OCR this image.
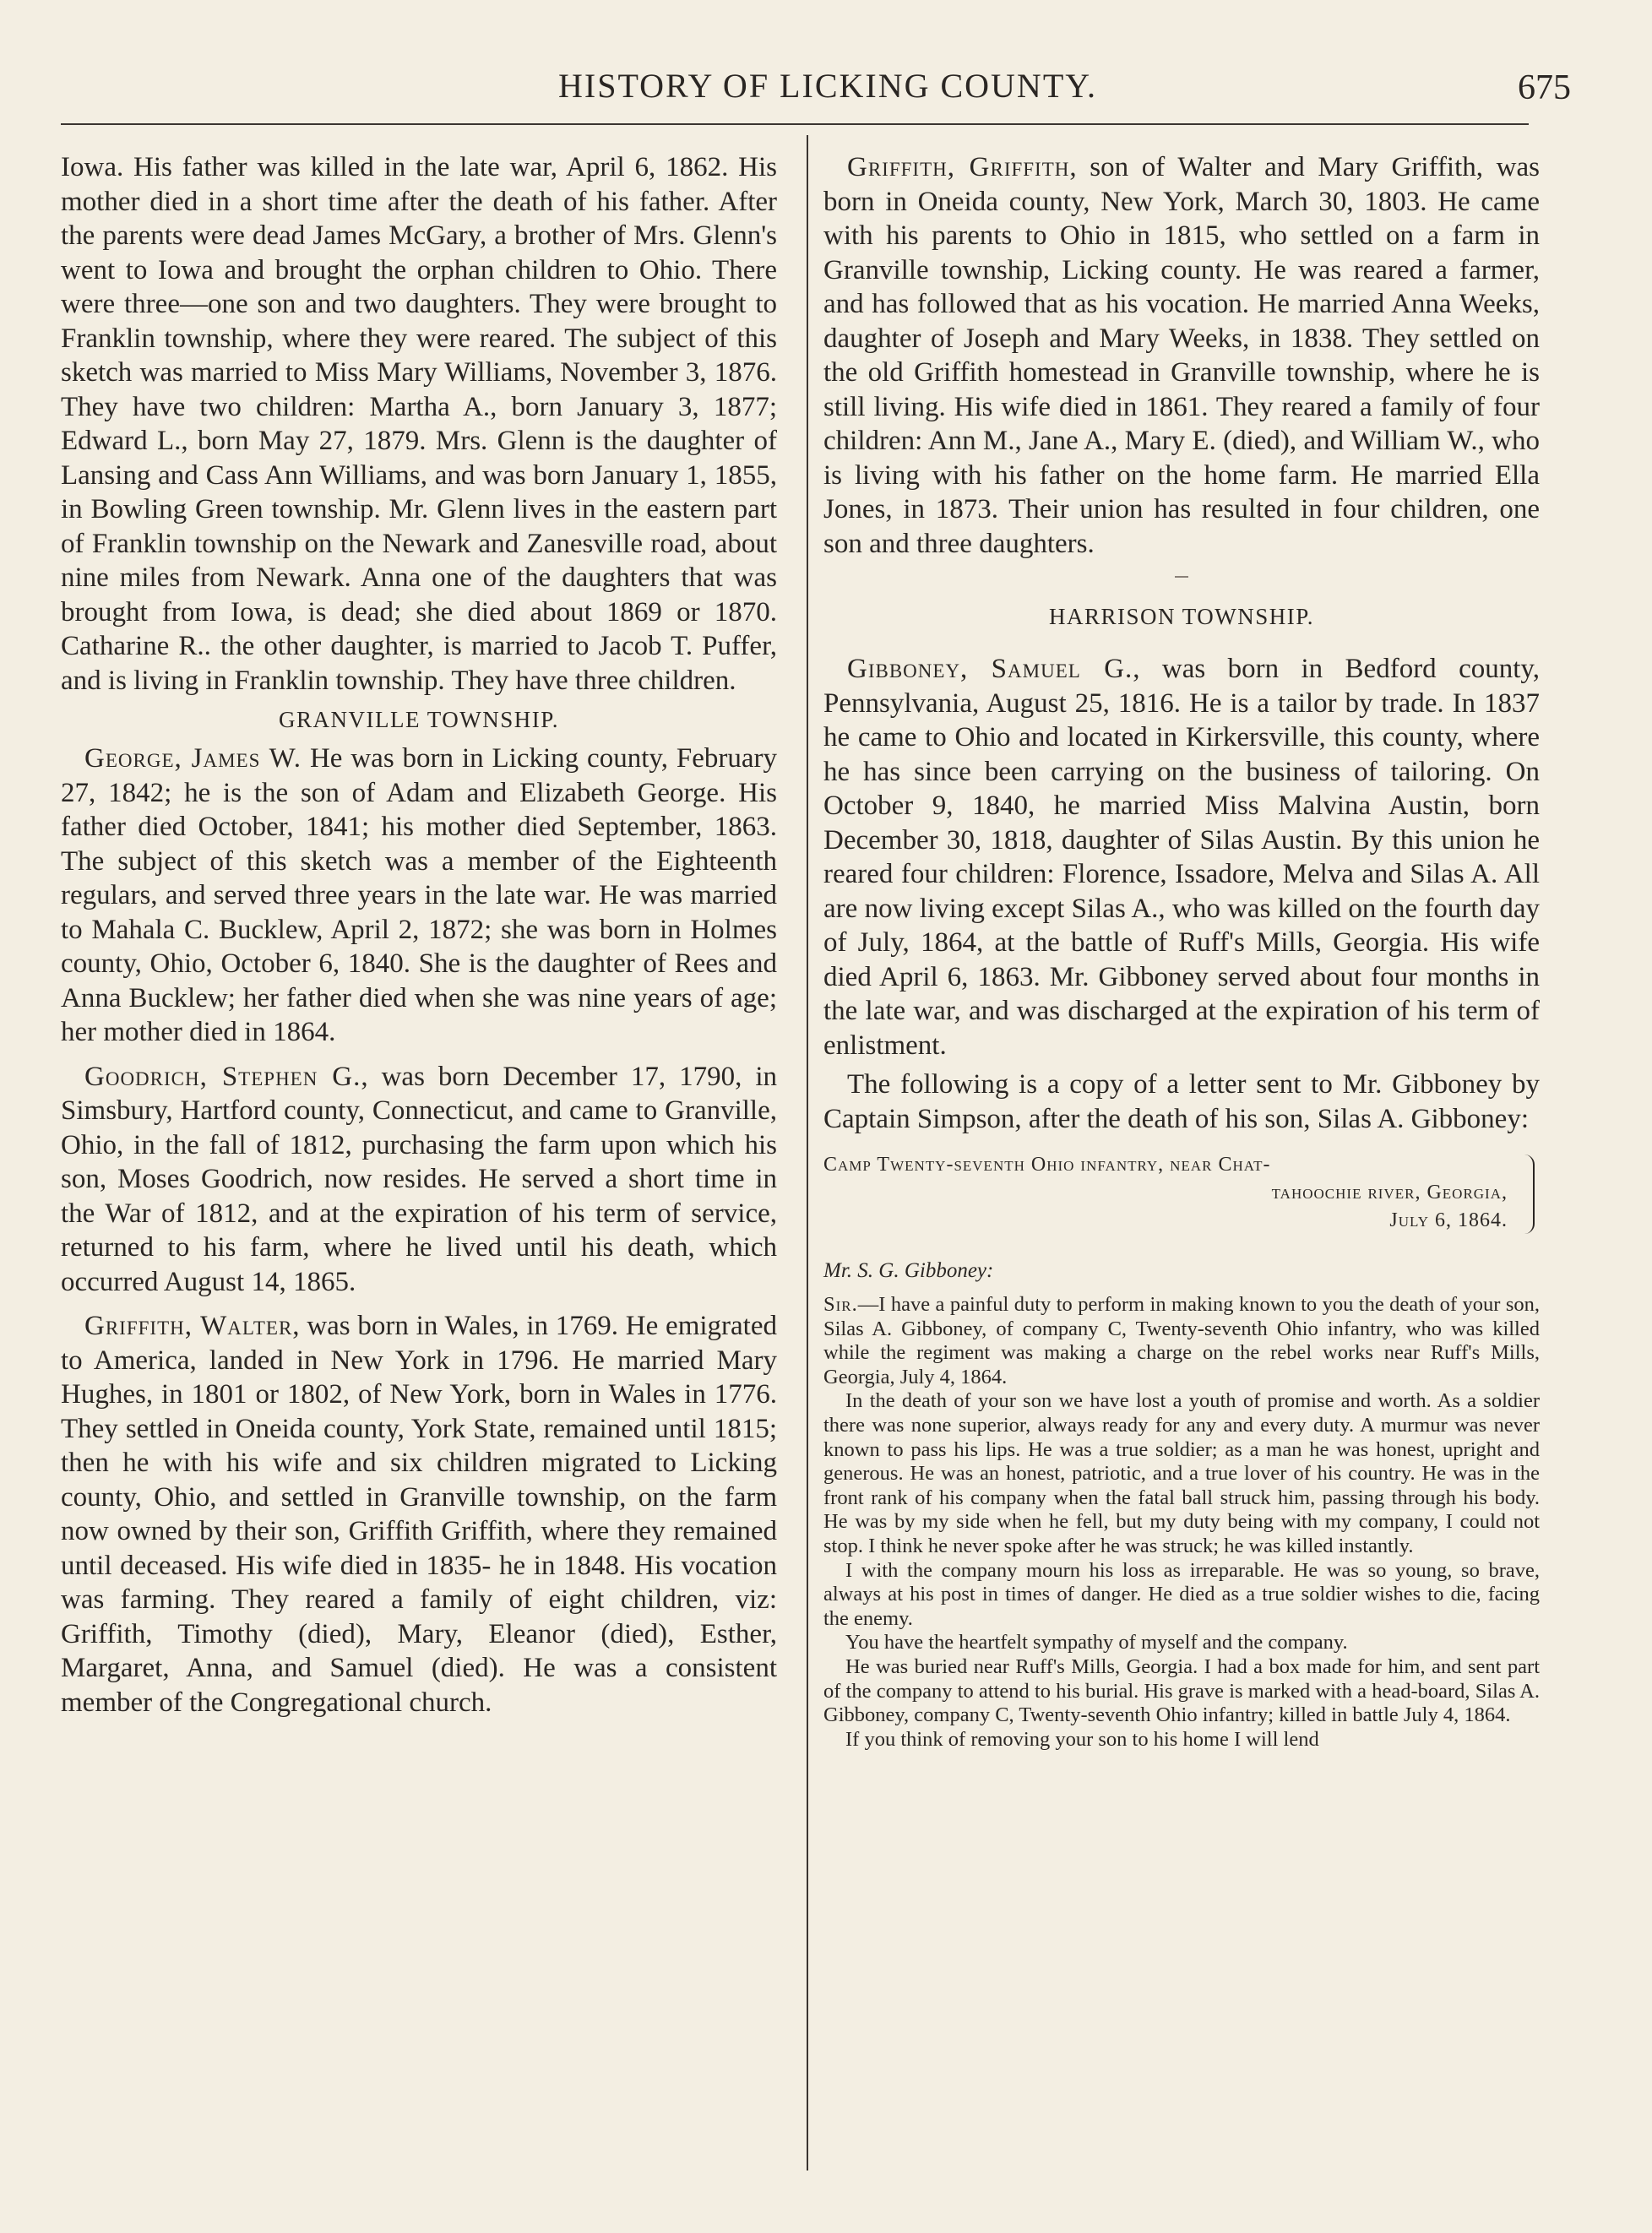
HISTORY OF LICKING COUNTY.	675

Iowa. His father was killed in the late war, April 6, 1862. His mother died in a short time after the death of his father. After the parents were dead James McGary, a brother of Mrs. Glenn's went to Iowa and brought the orphan children to Ohio. There were three—one son and two daughters. They were brought to Franklin township, where they were reared. The subject of this sketch was married to Miss Mary Williams, November 3, 1876. They have two children: Martha A., born January 3, 1877; Edward L., born May 27, 1879. Mrs. Glenn is the daughter of Lansing and Cass Ann Williams, and was born January 1, 1855, in Bowling Green township. Mr. Glenn lives in the eastern part of Franklin township on the Newark and Zanesville road, about nine miles from Newark. Anna one of the daughters that was brought from Iowa, is dead; she died about 1869 or 1870. Catharine R.. the other daughter, is married to Jacob T. Puffer, and is living in Franklin township. They have three children.

GRANVILLE TOWNSHIP.

George, James W. He was born in Licking county, February 27, 1842; he is the son of Adam and Elizabeth George. His father died October, 1841; his mother died September, 1863. The subject of this sketch was a member of the Eighteenth regulars, and served three years in the late war. He was married to Mahala C. Bucklew, April 2, 1872; she was born in Holmes county, Ohio, October 6, 1840. She is the daughter of Rees and Anna Bucklew; her father died when she was nine years of age; her mother died in 1864.

Goodrich, Stephen G., was born December 17, 1790, in Simsbury, Hartford county, Connecticut, and came to Granville, Ohio, in the fall of 1812, purchasing the farm upon which his son, Moses Goodrich, now resides. He served a short time in the War of 1812, and at the expiration of his term of service, returned to his farm, where he lived until his death, which occurred August 14, 1865.

Griffith, Walter, was born in Wales, in 1769. He emigrated to America, landed in New York in 1796. He married Mary Hughes, in 1801 or 1802, of New York, born in Wales in 1776. They settled in Oneida county, York State, remained until 1815; then he with his wife and six children migrated to Licking county, Ohio, and settled in Granville township, on the farm now owned by their son, Griffith Griffith, where they remained until deceased. His wife died in 1835- he in 1848. His vocation was farming. They reared a family of eight children, viz: Griffith, Timothy (died), Mary, Eleanor (died), Esther, Margaret, Anna, and Samuel (died). He was a consistent member of the Congregational church.

Griffith, Griffith, son of Walter and Mary Griffith, was born in Oneida county, New York, March 30, 1803. He came with his parents to Ohio in 1815, who settled on a farm in Granville township, Licking county. He was reared a farmer, and has followed that as his vocation. He married Anna Weeks, daughter of Joseph and Mary Weeks, in 1838. They settled on the old Griffith homestead in Granville township, where he is still living. His wife died in 1861. They reared a family of four children: Ann M., Jane A., Mary E. (died), and William W., who is living with his father on the home farm. He married Ella Jones, in 1873. Their union has resulted in four children, one son and three daughters.

HARRISON TOWNSHIP.

Gibboney, Samuel G., was born in Bedford county, Pennsylvania, August 25, 1816. He is a tailor by trade. In 1837 he came to Ohio and located in Kirkersville, this county, where he has since been carrying on the business of tailoring. On October 9, 1840, he married Miss Malvina Austin, born December 30, 1818, daughter of Silas Austin. By this union he reared four children: Florence, Issadore, Melva and Silas A. All are now living except Silas A., who was killed on the fourth day of July, 1864, at the battle of Ruff's Mills, Georgia. His wife died April 6, 1863. Mr. Gibboney served about four months in the late war, and was discharged at the expiration of his term of enlistment.

The following is a copy of a letter sent to Mr. Gibboney by Captain Simpson, after the death of his son, Silas A. Gibboney:

Camp Twenty-seventh Ohio infantry, near Chat-
tahoochie river, Georgia,
July 6, 1864.
Mr. S. G. Gibboney:

Sir.—I have a painful duty to perform in making known to you the death of your son, Silas A. Gibboney, of company C, Twenty-seventh Ohio infantry, who was killed while the regiment was making a charge on the rebel works near Ruff's Mills, Georgia, July 4, 1864.

In the death of your son we have lost a youth of promise and worth. As a soldier there was none superior, always ready for any and every duty. A murmur was never known to pass his lips. He was a true soldier; as a man he was honest, upright and generous. He was an honest, patriotic, and a true lover of his country. He was in the front rank of his company when the fatal ball struck him, passing through his body. He was by my side when he fell, but my duty being with my company, I could not stop. I think he never spoke after he was struck; he was killed instantly.

I with the company mourn his loss as irreparable. He was so young, so brave, always at his post in times of danger. He died as a true soldier wishes to die, facing the enemy.

You have the heartfelt sympathy of myself and the company.

He was buried near Ruff's Mills, Georgia. I had a box made for him, and sent part of the company to attend to his burial. His grave is marked with a head-board, Silas A. Gibboney, company C, Twenty-seventh Ohio infantry; killed in battle July 4, 1864.

If you think of removing your son to his home I will lend
